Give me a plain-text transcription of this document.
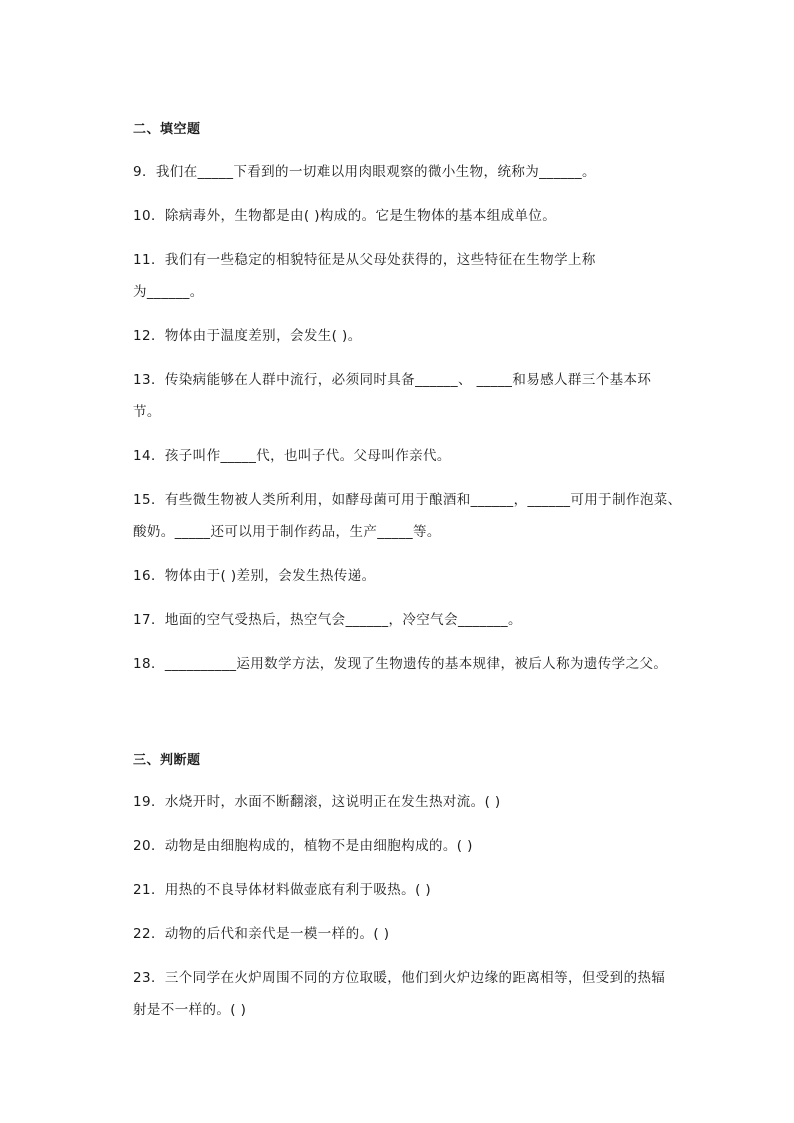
二、填空题
9．我们在_____下看到的一切难以用肉眼观察的微小生物，统称为______。
10．除病毒外，生物都是由( )构成的。它是生物体的基本组成单位。
11．我们有一些稳定的相貌特征是从父母处获得的，这些特征在生物学上称
为______。
12．物体由于温度差别，会发生( )。
13．传染病能够在人群中流行，必须同时具备______、 _____和易感人群三个基本环
节。
14．孩子叫作_____代，也叫子代。父母叫作亲代。
15．有些微生物被人类所利用，如酵母菌可用于酿酒和______，______可用于制作泡菜、
酸奶。_____还可以用于制作药品，生产_____等。
16．物体由于( )差别，会发生热传递。
17．地面的空气受热后，热空气会______，冷空气会_______。
18．__________运用数学方法，发现了生物遗传的基本规律，被后人称为遗传学之父。
三、判断题
19．水烧开时，水面不断翻滚，这说明正在发生热对流。( )
20．动物是由细胞构成的，植物不是由细胞构成的。( )
21．用热的不良导体材料做壶底有利于吸热。( )
22．动物的后代和亲代是一模一样的。( )
23．三个同学在火炉周围不同的方位取暖，他们到火炉边缘的距离相等，但受到的热辐
射是不一样的。( )
